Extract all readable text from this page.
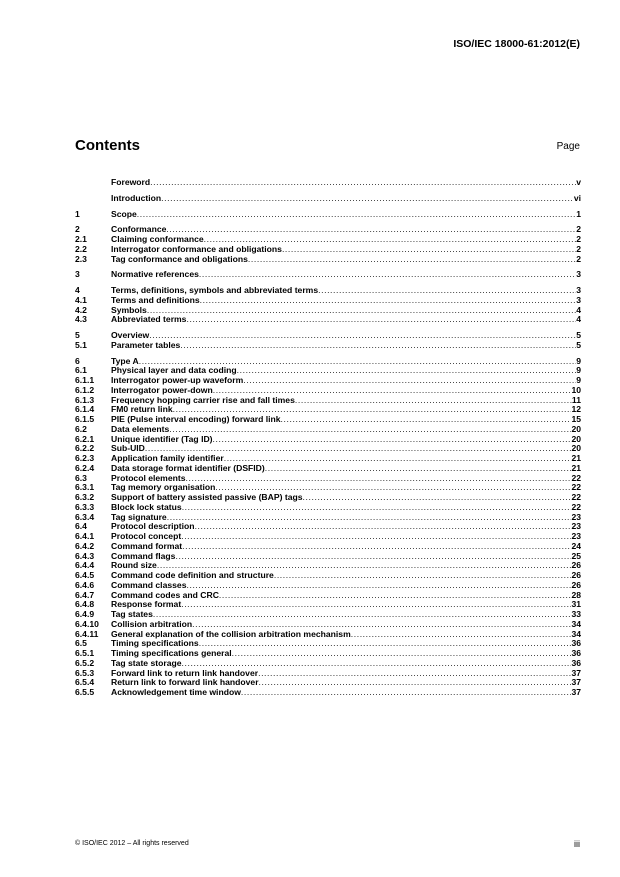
ISO/IEC 18000-61:2012(E)
Contents	Page
Foreword .....	v
Introduction .....	vi
1	Scope .....	1
2	Conformance .....	2
2.1	Claiming conformance .....	2
2.2	Interrogator conformance and obligations .....	2
2.3	Tag conformance and obligations .....	2
3	Normative references .....	3
4	Terms, definitions, symbols and abbreviated terms .....	3
4.1	Terms and definitions .....	3
4.2	Symbols .....	4
4.3	Abbreviated terms .....	4
5	Overview .....	5
5.1	Parameter tables .....	5
6	Type A .....	9
6.1	Physical layer and data coding .....	9
6.1.1	Interrogator power-up waveform .....	9
6.1.2	Interrogator power-down .....	10
6.1.3	Frequency hopping carrier rise and fall times .....	11
6.1.4	FM0 return link .....	12
6.1.5	PIE (Pulse interval encoding) forward link .....	15
6.2	Data elements .....	20
6.2.1	Unique identifier (Tag ID) .....	20
6.2.2	Sub-UID .....	20
6.2.3	Application family identifier .....	21
6.2.4	Data storage format identifier (DSFID) .....	21
6.3	Protocol elements .....	22
6.3.1	Tag memory organisation .....	22
6.3.2	Support of battery assisted passive (BAP) tags .....	22
6.3.3	Block lock status .....	22
6.3.4	Tag signature .....	23
6.4	Protocol description .....	23
6.4.1	Protocol concept .....	23
6.4.2	Command format .....	24
6.4.3	Command flags .....	25
6.4.4	Round size .....	26
6.4.5	Command code definition and structure .....	26
6.4.6	Command classes .....	26
6.4.7	Command codes and CRC .....	28
6.4.8	Response format .....	31
6.4.9	Tag states .....	33
6.4.10	Collision arbitration .....	34
6.4.11	General explanation of the collision arbitration mechanism .....	34
6.5	Timing specifications .....	36
6.5.1	Timing specifications general .....	36
6.5.2	Tag state storage .....	36
6.5.3	Forward link to return link handover .....	37
6.5.4	Return link to forward link handover .....	37
6.5.5	Acknowledgement time window .....	37
© ISO/IEC 2012 – All rights reserved	iii
